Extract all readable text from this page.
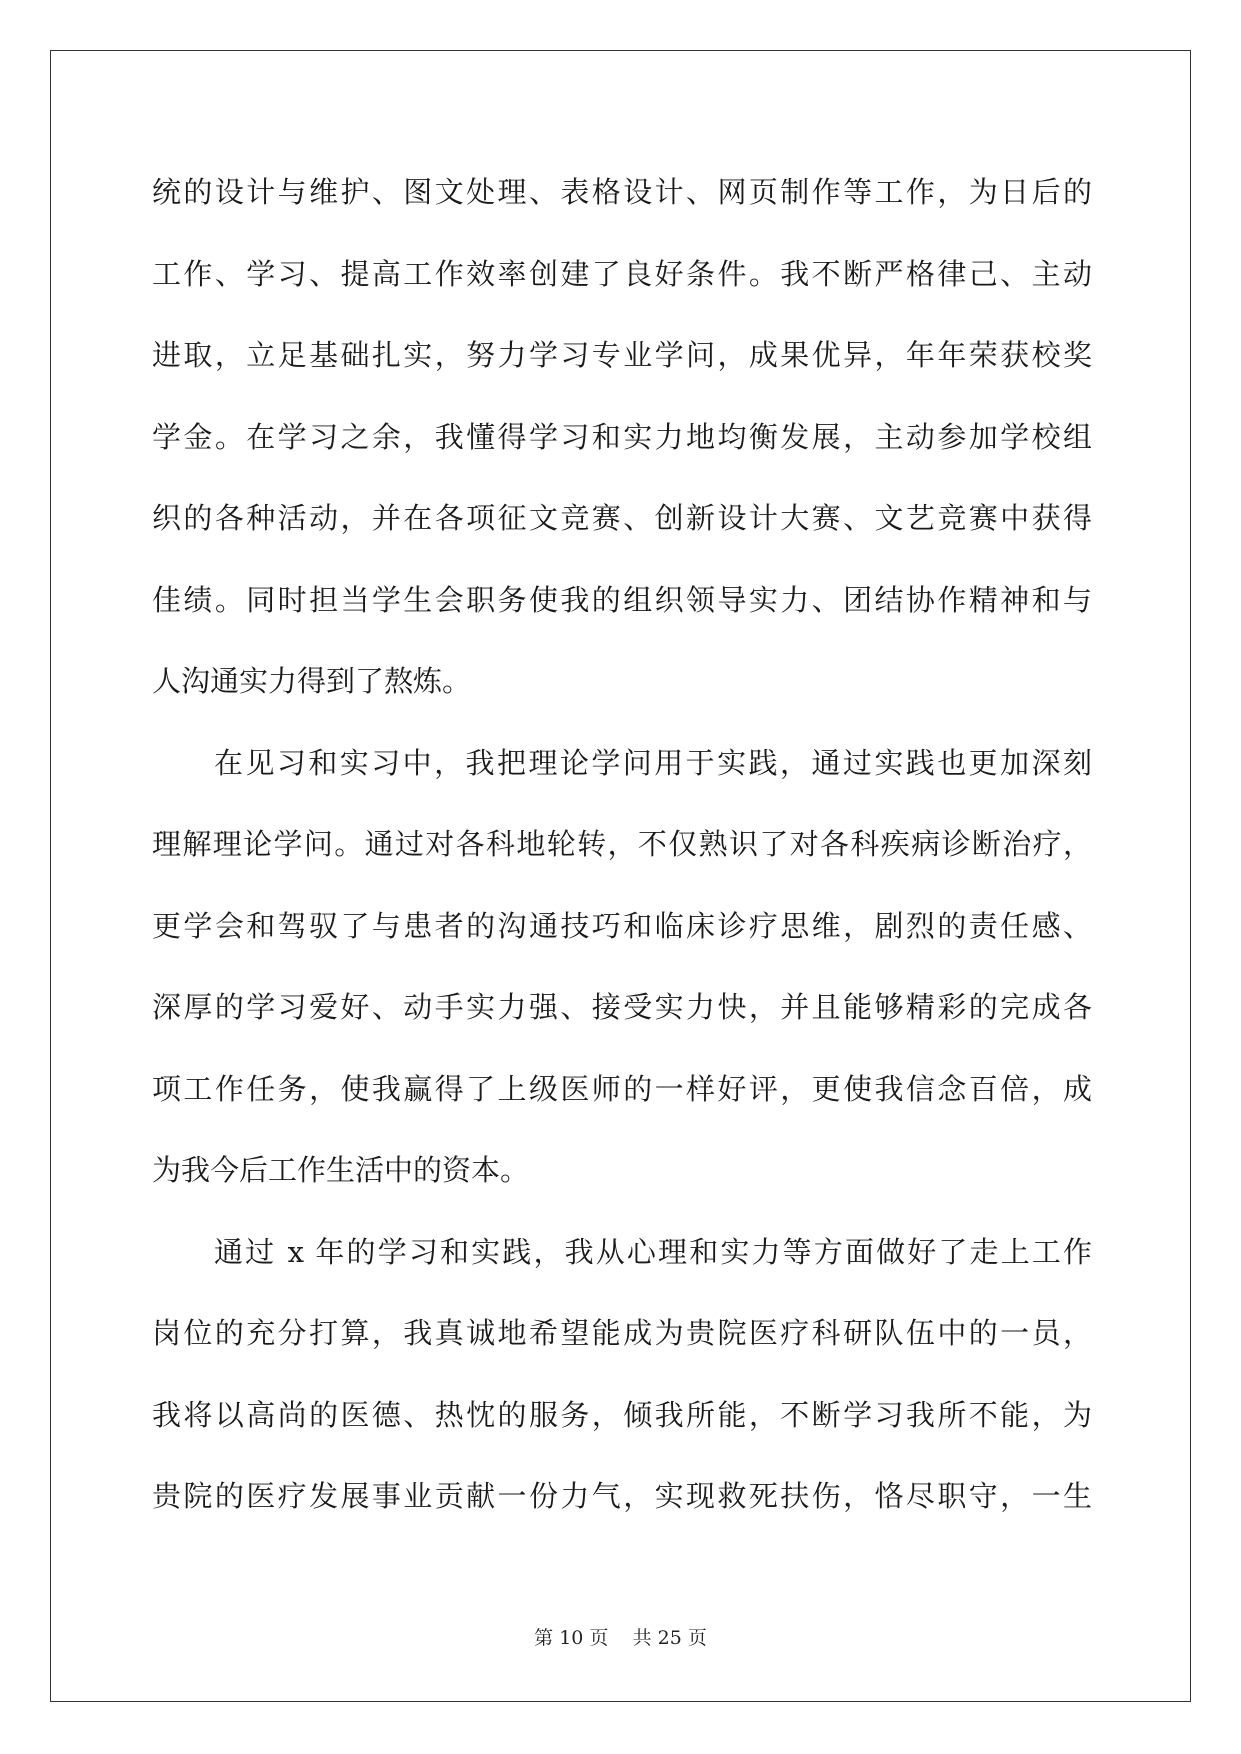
统的设计与维护、图文处理、表格设计、网页制作等工作，为日后的
工作、学习、提高工作效率创建了良好条件。我不断严格律己、主动
进取，立足基础扎实，努力学习专业学问，成果优异，年年荣获校奖
学金。在学习之余，我懂得学习和实力地均衡发展，主动参加学校组
织的各种活动，并在各项征文竞赛、创新设计大赛、文艺竞赛中获得
佳绩。同时担当学生会职务使我的组织领导实力、团结协作精神和与
人沟通实力得到了熬炼。
在见习和实习中，我把理论学问用于实践，通过实践也更加深刻
理解理论学问。通过对各科地轮转，不仅熟识了对各科疾病诊断治疗，
更学会和驾驭了与患者的沟通技巧和临床诊疗思维，剧烈的责任感、
深厚的学习爱好、动手实力强、接受实力快，并且能够精彩的完成各
项工作任务，使我赢得了上级医师的一样好评，更使我信念百倍，成
为我今后工作生活中的资本。
通过 x 年的学习和实践，我从心理和实力等方面做好了走上工作
岗位的充分打算，我真诚地希望能成为贵院医疗科研队伍中的一员，
我将以高尚的医德、热忱的服务，倾我所能，不断学习我所不能，为
贵院的医疗发展事业贡献一份力气，实现救死扶伤，恪尽职守，一生
第 10 页    共 25 页
